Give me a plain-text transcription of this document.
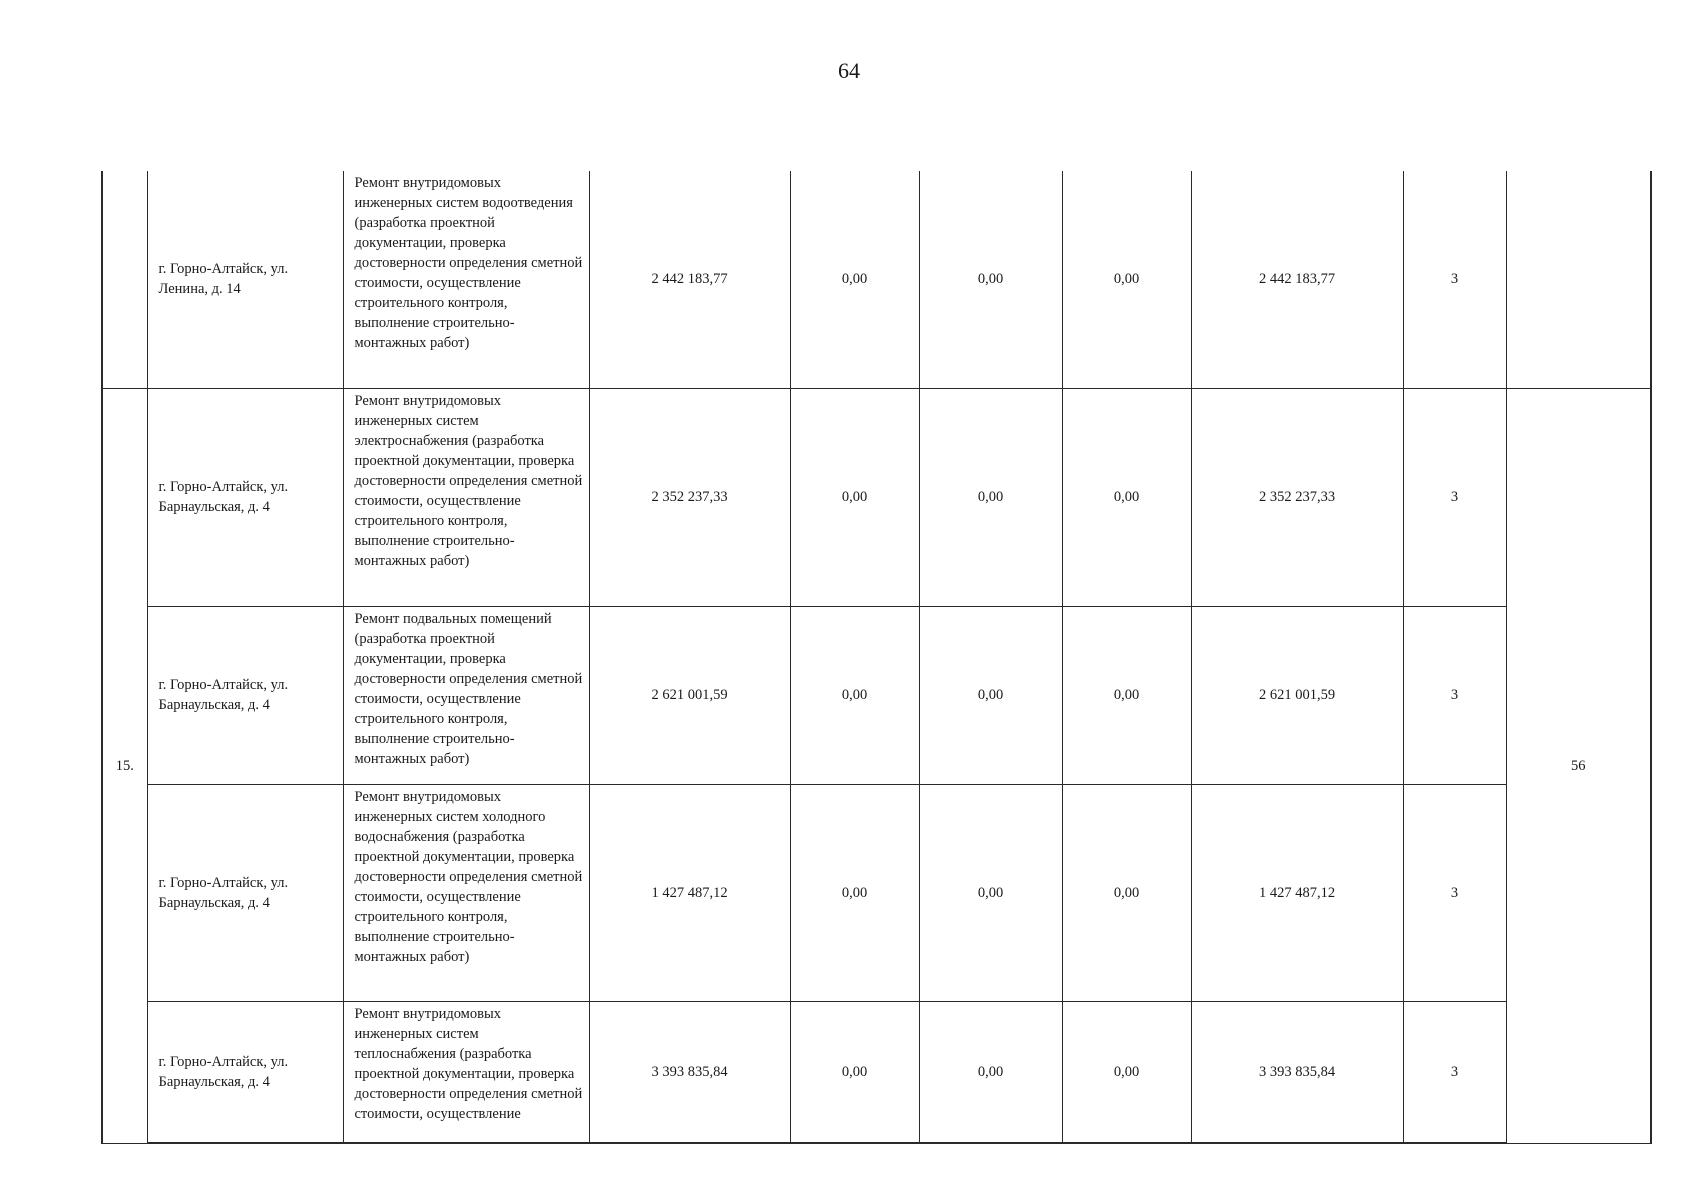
64

	г. Горно-Алтайск, ул. Ленина, д. 14	Ремонт внутридомовых инженерных систем водоотведения (разработка проектной документации, проверка достоверности определения сметной стоимости, осуществление строительного контроля, выполнение строительно-монтажных работ)	2 442 183,77	0,00	0,00	0,00	2 442 183,77	3	
15.	г. Горно-Алтайск, ул. Барнаульская, д. 4	Ремонт внутридомовых инженерных систем электроснабжения (разработка проектной документации, проверка достоверности определения сметной стоимости, осуществление строительного контроля, выполнение строительно-монтажных работ)	2 352 237,33	0,00	0,00	0,00	2 352 237,33	3	56

	г. Горно-Алтайск, ул. Барнаульская, д. 4	Ремонт подвальных помещений (разработка проектной документации, проверка достоверности определения сметной стоимости, осуществление строительного контроля, выполнение строительно-монтажных работ)	2 621 001,59	0,00	0,00	0,00	2 621 001,59	3	

	г. Горно-Алтайск, ул. Барнаульская, д. 4	Ремонт внутридомовых инженерных систем холодного водоснабжения (разработка проектной документации, проверка достоверности определения сметной стоимости, осуществление строительного контроля, выполнение строительно-монтажных работ)	1 427 487,12	0,00	0,00	0,00	1 427 487,12	3	

	г. Горно-Алтайск, ул. Барнаульская, д. 4	Ремонт внутридомовых инженерных систем теплоснабжения (разработка проектной документации, проверка достоверности определения сметной стоимости, осуществление	3 393 835,84	0,00	0,00	0,00	3 393 835,84	3	
